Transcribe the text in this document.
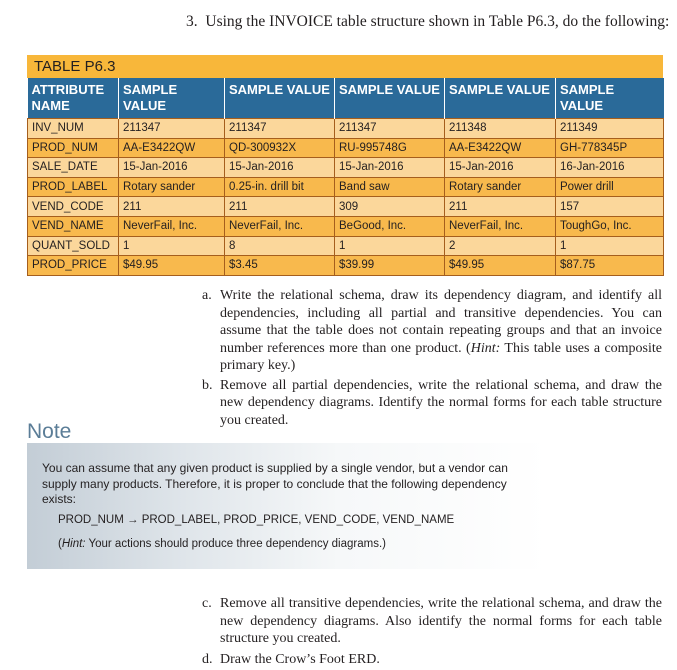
3. Using the INVOICE table structure shown in Table P6.3, do the following:
TABLE P6.3
ATTRIBUTE NAME	SAMPLE VALUE	SAMPLE VALUE	SAMPLE VALUE	SAMPLE VALUE	SAMPLE VALUE
INV_NUM	211347	211347	211347	211348	211349
PROD_NUM	AA-E3422QW	QD-300932X	RU-995748G	AA-E3422QW	GH-778345P
SALE_DATE	15-Jan-2016	15-Jan-2016	15-Jan-2016	15-Jan-2016	16-Jan-2016
PROD_LABEL	Rotary sander	0.25-in. drill bit	Band saw	Rotary sander	Power drill
VEND_CODE	211	211	309	211	157
VEND_NAME	NeverFail, Inc.	NeverFail, Inc.	BeGood, Inc.	NeverFail, Inc.	ToughGo, Inc.
QUANT_SOLD	1	8	1	2	1
PROD_PRICE	$49.95	$3.45	$39.99	$49.95	$87.75
a. Write the relational schema, draw its dependency diagram, and identify all dependencies, including all partial and transitive dependencies. You can assume that the table does not contain repeating groups and that an invoice number references more than one product. (Hint: This table uses a composite primary key.)
b. Remove all partial dependencies, write the relational schema, and draw the new dependency diagrams. Identify the normal forms for each table structure you created.
Note
You can assume that any given product is supplied by a single vendor, but a vendor can supply many products. Therefore, it is proper to conclude that the following dependency exists:
PROD_NUM → PROD_LABEL, PROD_PRICE, VEND_CODE, VEND_NAME
(Hint: Your actions should produce three dependency diagrams.)
c. Remove all transitive dependencies, write the relational schema, and draw the new dependency diagrams. Also identify the normal forms for each table structure you created.
d. Draw the Crow’s Foot ERD.
